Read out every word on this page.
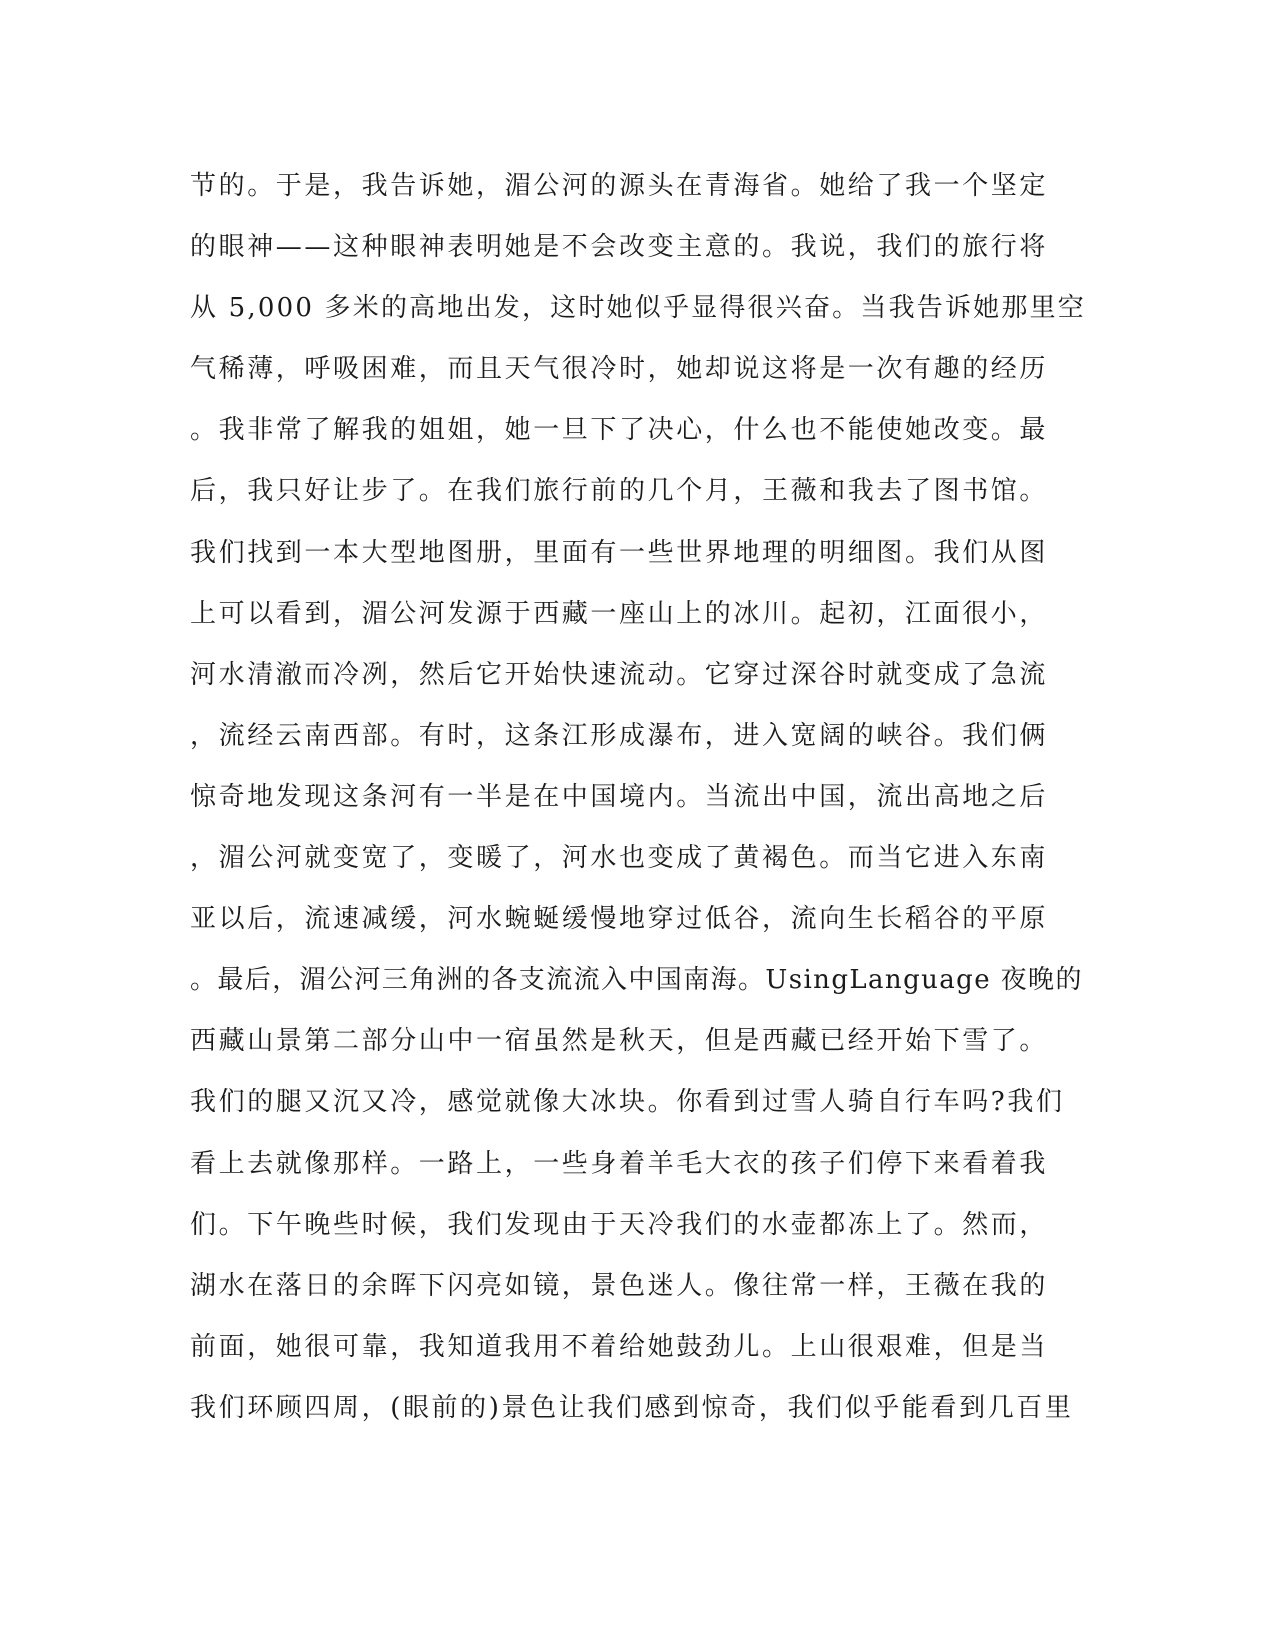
节的。于是，我告诉她，湄公河的源头在青海省。她给了我一个坚定
的眼神——这种眼神表明她是不会改变主意的。我说，我们的旅行将
从 5,000 多米的高地出发，这时她似乎显得很兴奋。当我告诉她那里空
气稀薄，呼吸困难，而且天气很冷时，她却说这将是一次有趣的经历
。我非常了解我的姐姐，她一旦下了决心，什么也不能使她改变。最
后，我只好让步了。在我们旅行前的几个月，王薇和我去了图书馆。
我们找到一本大型地图册，里面有一些世界地理的明细图。我们从图
上可以看到，湄公河发源于西藏一座山上的冰川。起初，江面很小，
河水清澈而冷冽，然后它开始快速流动。它穿过深谷时就变成了急流
，流经云南西部。有时，这条江形成瀑布，进入宽阔的峡谷。我们俩
惊奇地发现这条河有一半是在中国境内。当流出中国，流出高地之后
，湄公河就变宽了，变暖了，河水也变成了黄褐色。而当它进入东南
亚以后，流速减缓，河水蜿蜒缓慢地穿过低谷，流向生长稻谷的平原
。最后，湄公河三角洲的各支流流入中国南海。UsingLanguage 夜晚的
西藏山景第二部分山中一宿虽然是秋天，但是西藏已经开始下雪了。
我们的腿又沉又冷，感觉就像大冰块。你看到过雪人骑自行车吗?我们
看上去就像那样。一路上，一些身着羊毛大衣的孩子们停下来看着我
们。下午晚些时候，我们发现由于天冷我们的水壶都冻上了。然而，
湖水在落日的余晖下闪亮如镜，景色迷人。像往常一样，王薇在我的
前面，她很可靠，我知道我用不着给她鼓劲儿。上山很艰难，但是当
我们环顾四周，(眼前的)景色让我们感到惊奇，我们似乎能看到几百里
